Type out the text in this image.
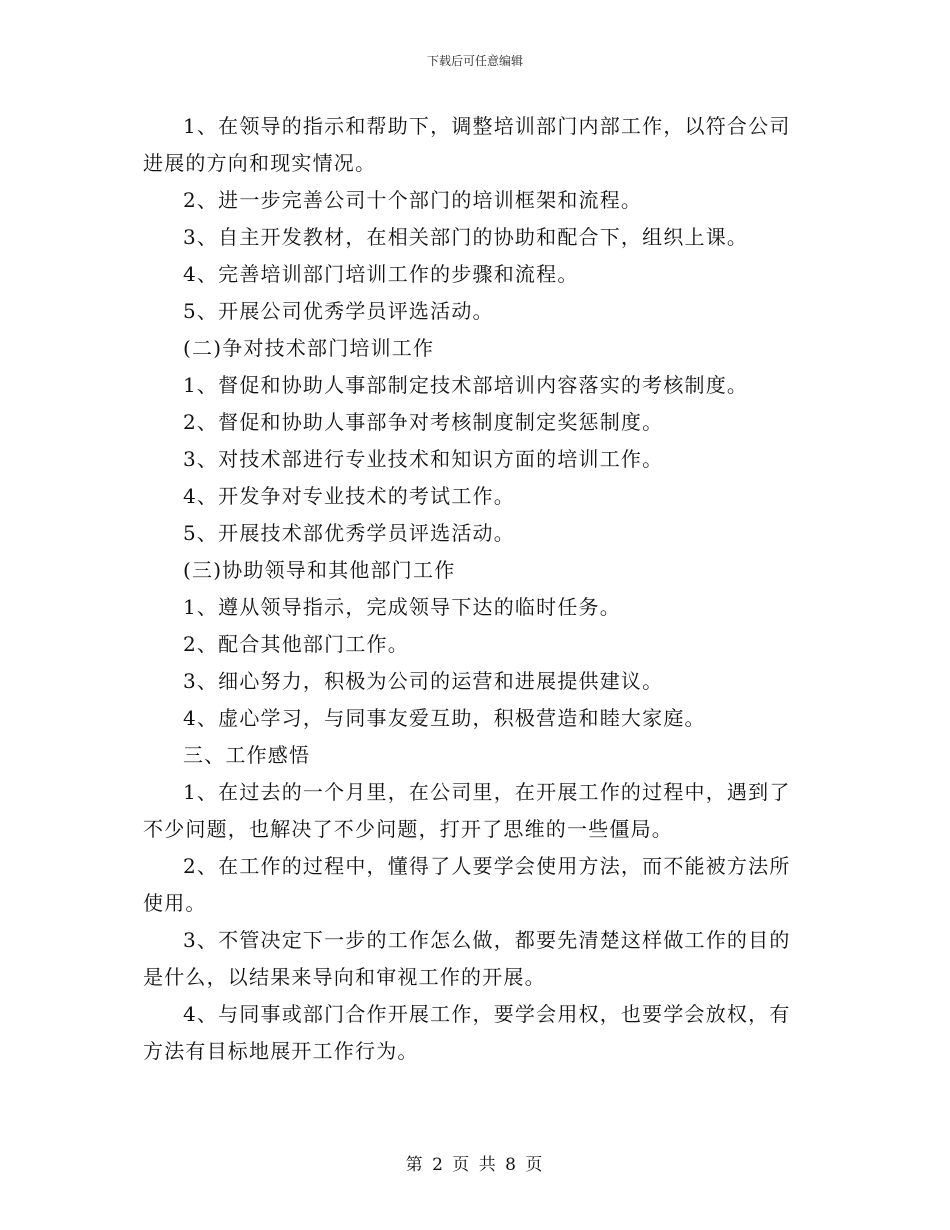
下载后可任意编辑

1、在领导的指示和帮助下，调整培训部门内部工作，以符合公司进展的方向和现实情况。

2、进一步完善公司十个部门的培训框架和流程。

3、自主开发教材，在相关部门的协助和配合下，组织上课。

4、完善培训部门培训工作的步骤和流程。

5、开展公司优秀学员评选活动。

(二)争对技术部门培训工作

1、督促和协助人事部制定技术部培训内容落实的考核制度。

2、督促和协助人事部争对考核制度制定奖惩制度。

3、对技术部进行专业技术和知识方面的培训工作。

4、开发争对专业技术的考试工作。

5、开展技术部优秀学员评选活动。

(三)协助领导和其他部门工作

1、遵从领导指示，完成领导下达的临时任务。

2、配合其他部门工作。

3、细心努力，积极为公司的运营和进展提供建议。

4、虚心学习，与同事友爱互助，积极营造和睦大家庭。

三、工作感悟

1、在过去的一个月里，在公司里，在开展工作的过程中，遇到了不少问题，也解决了不少问题，打开了思维的一些僵局。

2、在工作的过程中，懂得了人要学会使用方法，而不能被方法所使用。

3、不管决定下一步的工作怎么做，都要先清楚这样做工作的目的是什么，以结果来导向和审视工作的开展。

4、与同事或部门合作开展工作，要学会用权，也要学会放权，有方法有目标地展开工作行为。

第 2 页 共 8 页
